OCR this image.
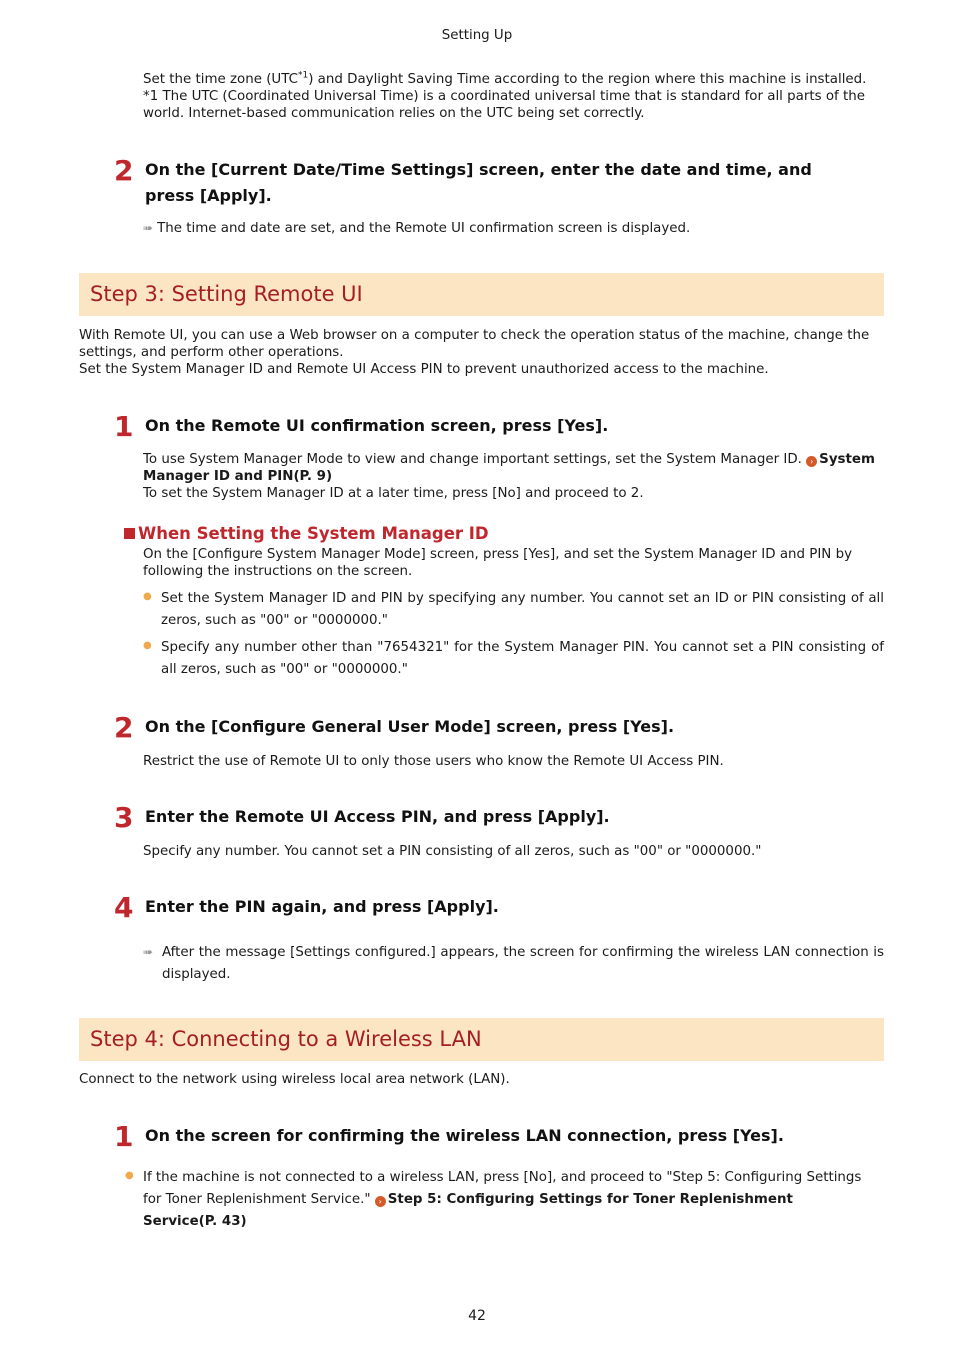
Setting Up

Set the time zone (UTC$^{*1}$) and Daylight Saving Time according to the region where this machine is installed.

*1 The UTC (Coordinated Universal Time) is a coordinated universal time that is standard for all parts of the world. Internet-based communication relies on the UTC being set correctly.

2 On the [Current Date/Time Settings] screen, enter the date and time, and press [Apply].
➠ The time and date are set, and the Remote UI confirmation screen is displayed.
Step 3: Setting Remote UI

With Remote UI, you can use a Web browser on a computer to check the operation status of the machine, change the settings, and perform other operations.

Set the System Manager ID and Remote UI Access PIN to prevent unauthorized access to the machine.

1 On the Remote UI confirmation screen, press [Yes].

To use System Manager Mode to view and change important settings, set the System Manager ID. › System Manager ID and PIN(P. 9)

To set the System Manager ID at a later time, press [No] and proceed to 2.

When Setting the System Manager ID
On the [Configure System Manager Mode] screen, press [Yes], and set the System Manager ID and PIN by following the instructions on the screen.
● Set the System Manager ID and PIN by specifying any number. You cannot set an ID or PIN consisting of all zeros, such as "00" or "0000000."
● Specify any number other than "7654321" for the System Manager PIN. You cannot set a PIN consisting of all zeros, such as "00" or "0000000."
2 On the [Configure General User Mode] screen, press [Yes].
Restrict the use of Remote UI to only those users who know the Remote UI Access PIN.
3 Enter the Remote UI Access PIN, and press [Apply].
Specify any number. You cannot set a PIN consisting of all zeros, such as "00" or "0000000."
4 Enter the PIN again, and press [Apply].
➠ After the message [Settings configured.] appears, the screen for confirming the wireless LAN connection is displayed.
Step 4: Connecting to a Wireless LAN
Connect to the network using wireless local area network (LAN).
1 On the screen for confirming the wireless LAN connection, press [Yes].
● If the machine is not connected to a wireless LAN, press [No], and proceed to "Step 5: Configuring Settings for Toner Replenishment Service." › Step 5: Configuring Settings for Toner Replenishment Service(P. 43)
42
